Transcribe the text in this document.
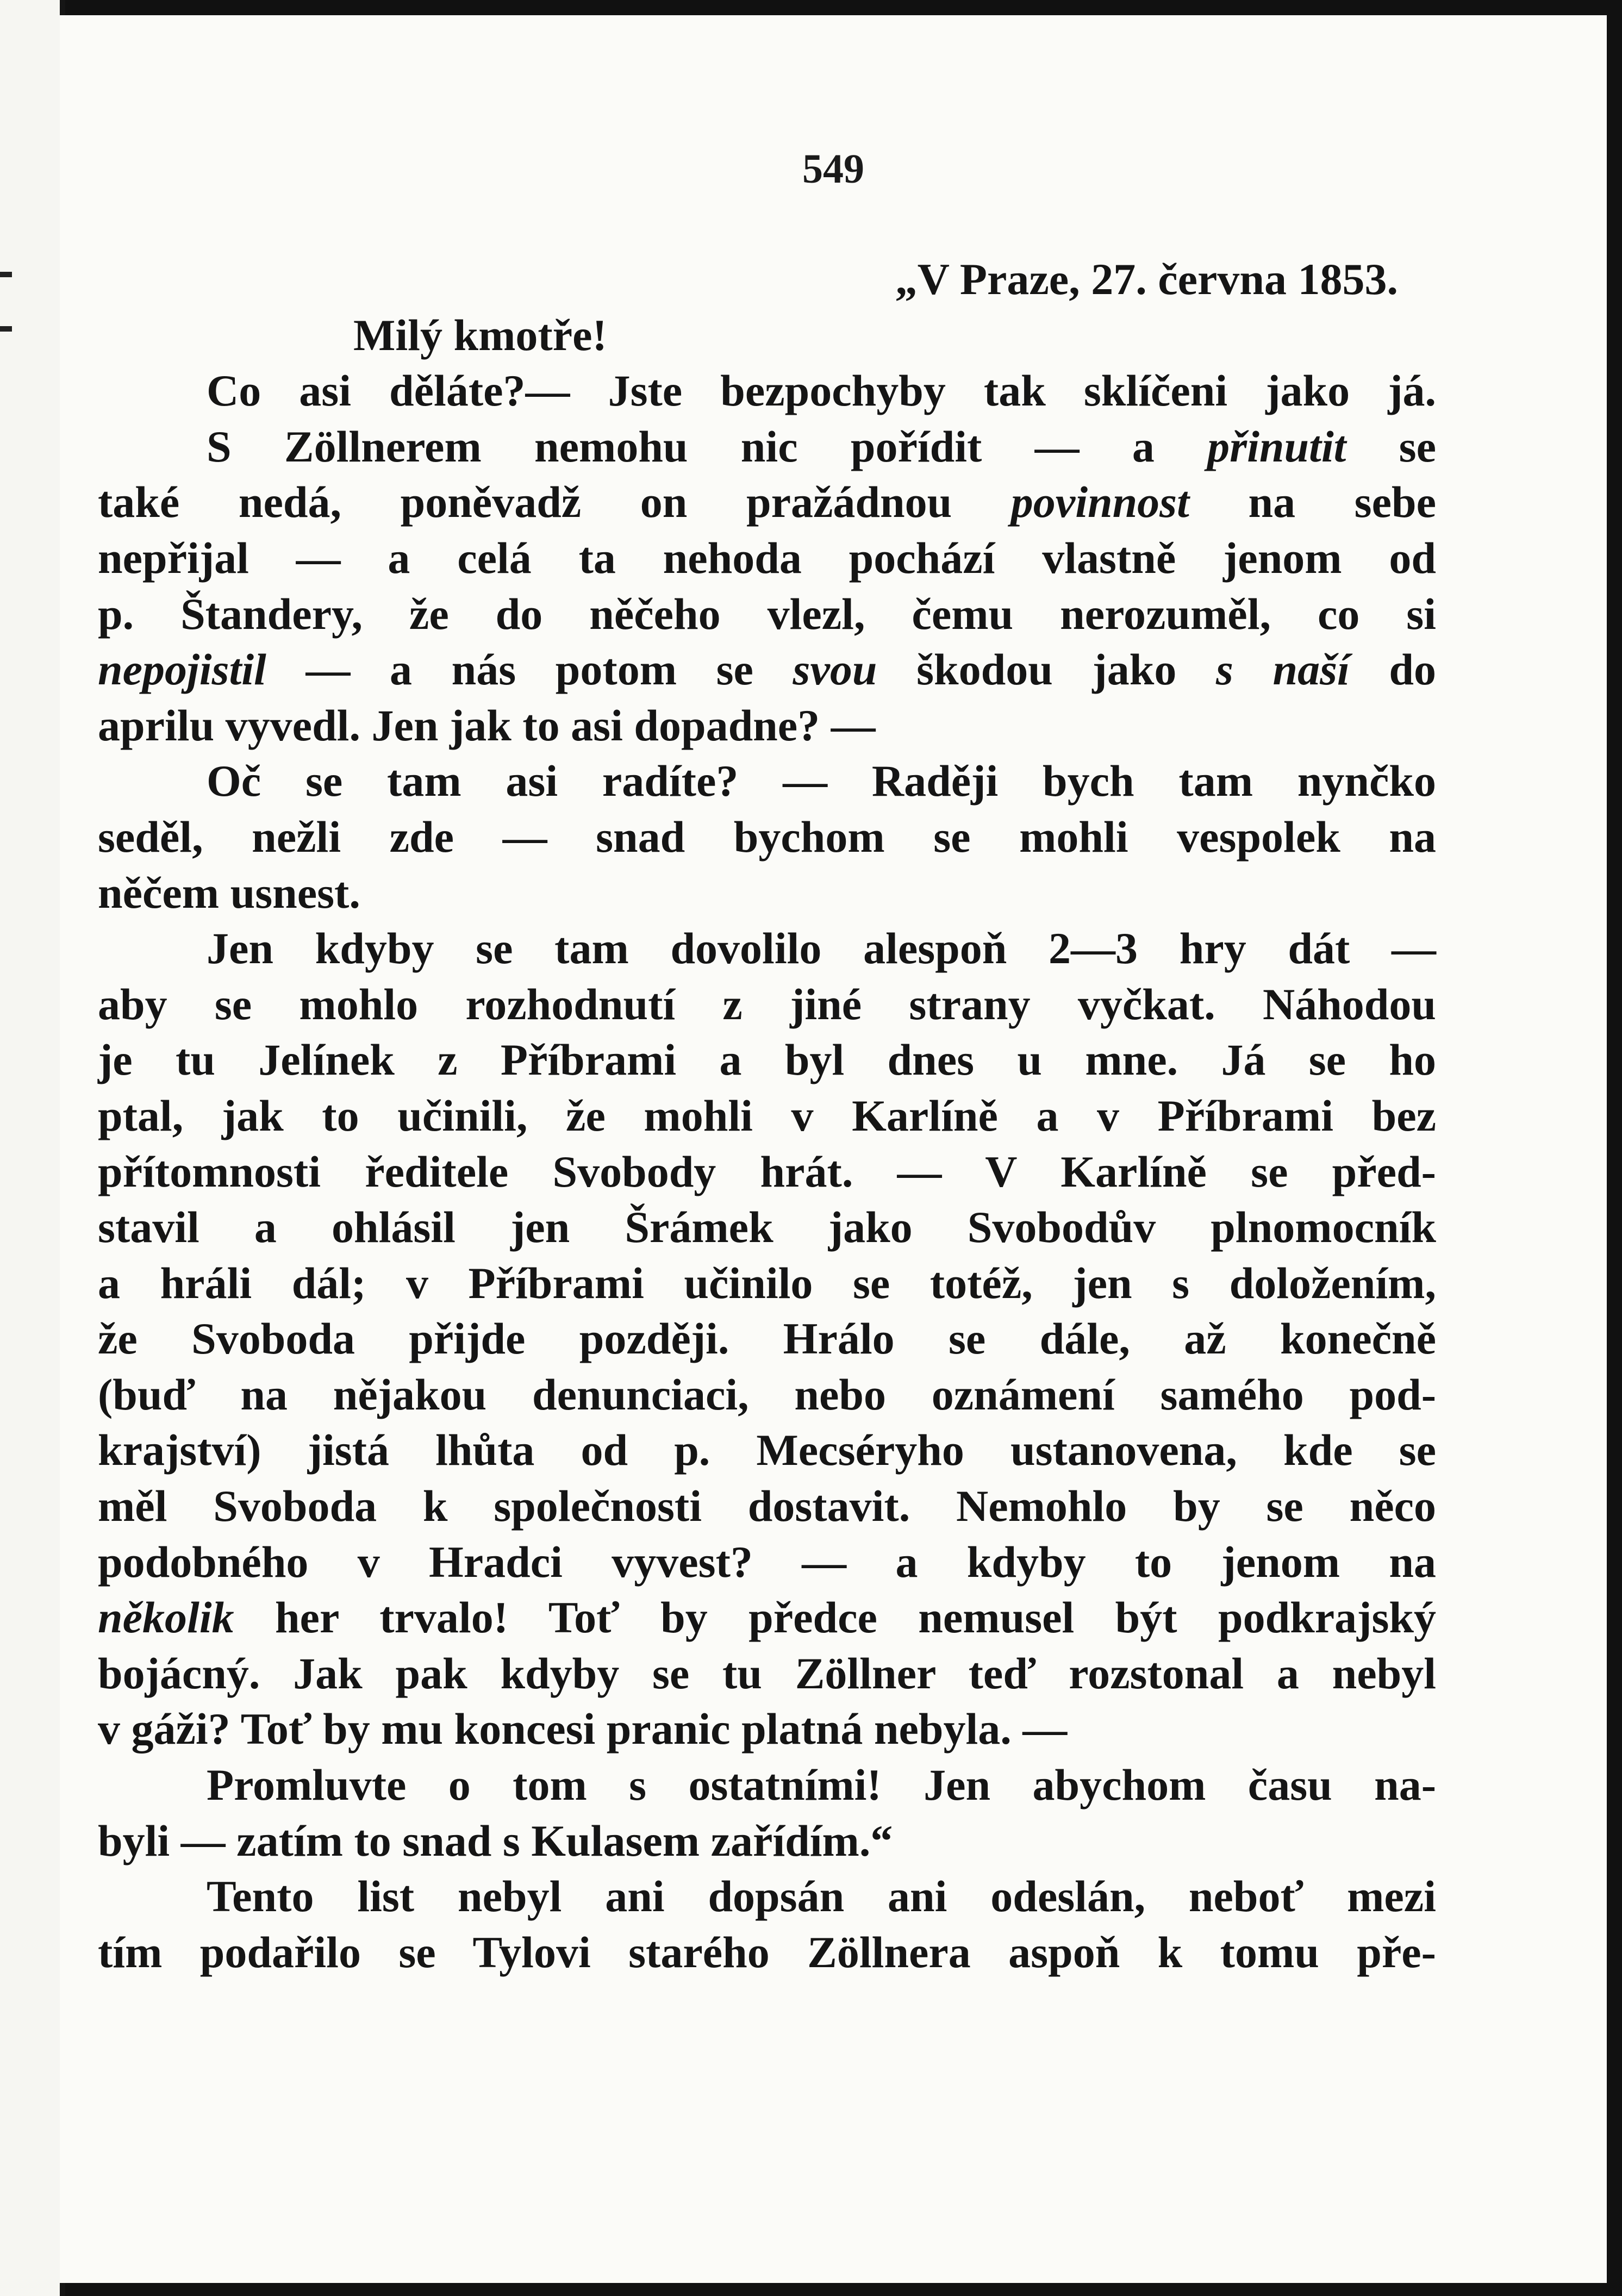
549
„V Praze, 27. června 1853.
Milý kmotře!
Co asi děláte?— Jste bezpochyby tak sklíčeni jako já.
S Zöllnerem nemohu nic pořídit — a přinutit se
také nedá, poněvadž on pražádnou povinnost na sebe
nepřijal — a celá ta nehoda pochází vlastně jenom od
p. Štandery, že do něčeho vlezl, čemu nerozuměl, co si
nepojistil — a nás potom se svou škodou jako s naší do
aprilu vyvedl. Jen jak to asi dopadne? —
Oč se tam asi radíte? — Raději bych tam nynčko
seděl, nežli zde — snad bychom se mohli vespolek na
něčem usnest.
Jen kdyby se tam dovolilo alespoň 2—3 hry dát —
aby se mohlo rozhodnutí z jiné strany vyčkat. Náhodou
je tu Jelínek z Příbrami a byl dnes u mne. Já se ho
ptal, jak to učinili, že mohli v Karlíně a v Příbrami bez
přítomnosti ředitele Svobody hrát. — V Karlíně se před-
stavil a ohlásil jen Šrámek jako Svobodův plnomocník
a hráli dál; v Příbrami učinilo se totéž, jen s doložením,
že Svoboda přijde později. Hrálo se dále, až konečně
(buď na nějakou denunciaci, nebo oznámení samého pod-
krajství) jistá lhůta od p. Mecséryho ustanovena, kde se
měl Svoboda k společnosti dostavit. Nemohlo by se něco
podobného v Hradci vyvest? — a kdyby to jenom na
několik her trvalo! Toť by předce nemusel být podkrajský
bojácný. Jak pak kdyby se tu Zöllner teď rozstonal a nebyl
v gáži? Toť by mu koncesi pranic platná nebyla. —
Promluvte o tom s ostatními! Jen abychom času na-
byli — zatím to snad s Kulasem zařídím.“
Tento list nebyl ani dopsán ani odeslán, neboť mezi
tím podařilo se Tylovi starého Zöllnera aspoň k tomu pře-
